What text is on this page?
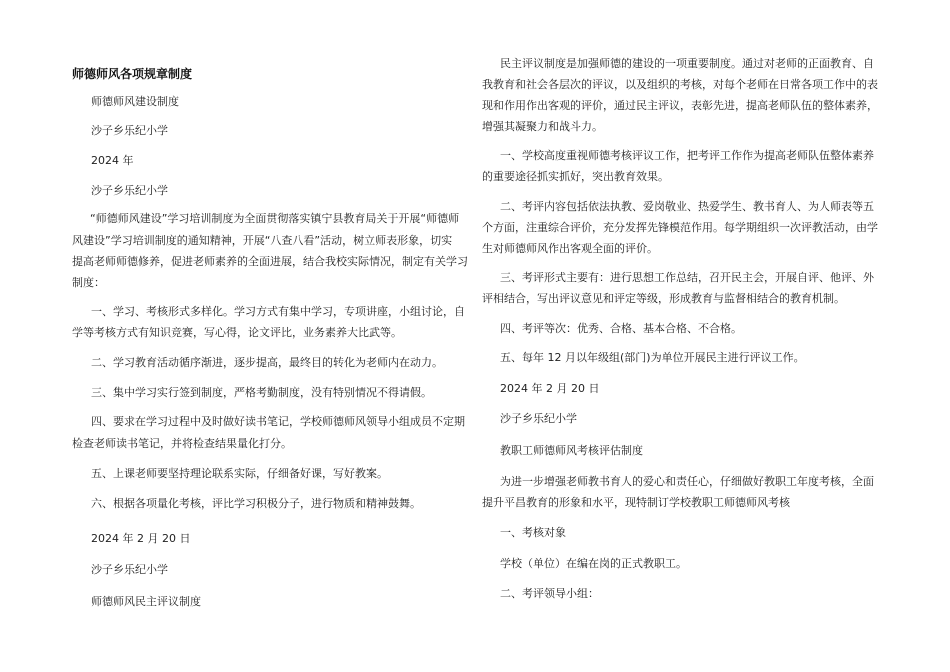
师德师风各项规章制度

师德师风建设制度

沙子乡乐纪小学

2024 年

沙子乡乐纪小学

“师德师风建设”学习培训制度为全面贯彻落实镇宁县教育局关于开展“师德师

风建设”学习培训制度的通知精神，开展“八查八看”活动，树立师表形象，切实

提高老师师德修养，促进老师素养的全面进展，结合我校实际情况，制定有关学习

制度：

一、学习、考核形式多样化。学习方式有集中学习，专项讲座，小组讨论，自

学等考核方式有知识竞赛，写心得，论文评比，业务素养大比武等。

二、学习教育活动循序渐进，逐步提高，最终目的转化为老师内在动力。

三、集中学习实行签到制度，严格考勤制度，没有特别情况不得请假。

四、要求在学习过程中及时做好读书笔记，学校师德师风领导小组成员不定期

检查老师读书笔记，并将检查结果量化打分。

五、上课老师要坚持理论联系实际，仔细备好课，写好教案。

六、根据各项量化考核，评比学习积极分子，进行物质和精神鼓舞。

2024 年 2 月 20 日

沙子乡乐纪小学

师德师风民主评议制度

民主评议制度是加强师德的建设的一项重要制度。通过对老师的正面教育、自

我教育和社会各层次的评议，以及组织的考核，对每个老师在日常各项工作中的表

现和作用作出客观的评价，通过民主评议，表彰先进，提高老师队伍的整体素养，

增强其凝聚力和战斗力。

一、学校高度重视师德考核评议工作，把考评工作作为提高老师队伍整体素养

的重要途径抓实抓好，突出教育效果。

二、考评内容包括依法执教、爱岗敬业、热爱学生、教书育人、为人师表等五

个方面，注重综合评价，充分发挥先锋模范作用。每学期组织一次评教活动，由学

生对师德师风作出客观全面的评价。

三、考评形式主要有：进行思想工作总结，召开民主会，开展自评、他评、外

评相结合，写出评议意见和评定等级，形成教育与监督相结合的教育机制。

四、考评等次：优秀、合格、基本合格、不合格。

五、每年 12 月以年级组(部门)为单位开展民主进行评议工作。

2024 年 2 月 20 日

沙子乡乐纪小学

教职工师德师风考核评估制度

为进一步增强老师教书育人的爱心和责任心，仔细做好教职工年度考核，全面

提升平昌教育的形象和水平，现特制订学校教职工师德师风考核

一、考核对象

学校（单位）在编在岗的正式教职工。

二、考评领导小组：
